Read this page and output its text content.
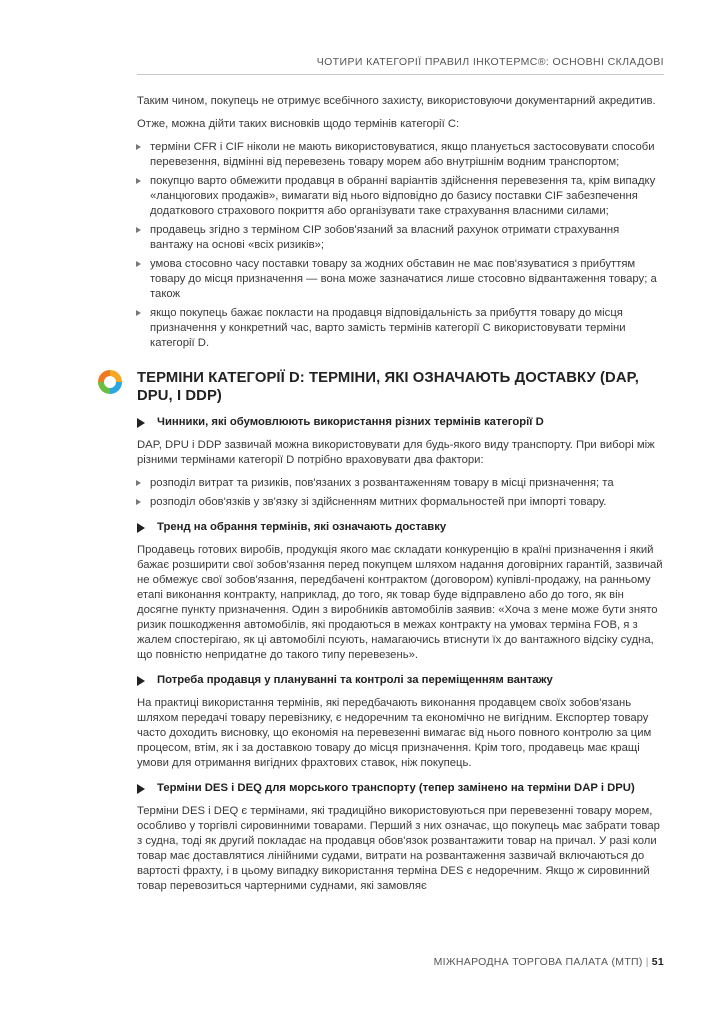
ЧОТИРИ КАТЕГОРІЇ ПРАВИЛ ІНКОТЕРМС®: ОСНОВНІ СКЛАДОВІ

Таким чином, покупець не отримує всебічного захисту, використовуючи документарний акредитив.

Отже, можна дійти таких висновків щодо термінів категорії C:

терміни CFR і CIF ніколи не мають використовуватися, якщо планується застосовувати способи перевезення, відмінні від перевезень товару морем або внутрішнім водним транспортом;
покупцю варто обмежити продавця в обранні варіантів здійснення перевезення та, крім випадку «ланцюгових продажів», вимагати від нього відповідно до базису поставки CIF забезпечення додаткового страхового покриття або організувати таке страхування власними силами;
продавець згідно з терміном CIP зобов'язаний за власний рахунок отримати страхування вантажу на основі «всіх ризиків»;
умова стосовно часу поставки товару за жодних обставин не має пов'язуватися з прибуттям товару до місця призначення — вона може зазначатися лише стосовно відвантаження товару; а також
якщо покупець бажає покласти на продавця відповідальність за прибуття товару до місця призначення у конкретний час, варто замість термінів категорії C використовувати терміни категорії D.
ТЕРМІНИ КАТЕГОРІЇ D: ТЕРМІНИ, ЯКІ ОЗНАЧАЮТЬ ДОСТАВКУ (DAP, DPU, І DDP)
Чинники, які обумовлюють використання різних термінів категорії D

DAP, DPU і DDP зазвичай можна використовувати для будь-якого виду транспорту. При виборі між різними термінами категорії D потрібно враховувати два фактори:

розподіл витрат та ризиків, пов'язаних з розвантаженням товару в місці призначення; та
розподіл обов'язків у зв'язку зі здійсненням митних формальностей при імпорті товару.
Тренд на обрання термінів, які означають доставку

Продавець готових виробів, продукція якого має складати конкуренцію в країні призначення і який бажає розширити свої зобов'язання перед покупцем шляхом надання договірних гарантій, зазвичай не обмежує свої зобов'язання, передбачені контрактом (договором) купівлі-продажу, на ранньому етапі виконання контракту, наприклад, до того, як товар буде відправлено або до того, як він досягне пункту призначення. Один з виробників автомобілів заявив: «Хоча з мене може бути знято ризик пошкодження автомобілів, які продаються в межах контракту на умовах терміна FOB, я з жалем спостерігаю, як ці автомобілі псують, намагаючись втиснути їх до вантажного відсіку судна, що повністю непридатне до такого типу перевезень».

Потреба продавця у плануванні та контролі за переміщенням вантажу

На практиці використання термінів, які передбачають виконання продавцем своїх зобов'язань шляхом передачі товару перевізнику, є недоречним та економічно не вигідним. Експортер товару часто доходить висновку, що економія на перевезенні вимагає від нього повного контролю за цим процесом, втім, як і за доставкою товару до місця призначення. Крім того, продавець має кращі умови для отримання вигідних фрахтових ставок, ніж покупець.

Терміни DES і DEQ для морського транспорту (тепер замінено на терміни DAP і DPU)

Терміни DES і DEQ є термінами, які традиційно використовуються при перевезенні товару морем, особливо у торгівлі сировинними товарами. Перший з них означає, що покупець має забрати товар з судна, тоді як другий покладає на продавця обов'язок розвантажити товар на причал. У разі коли товар має доставлятися лінійними судами, витрати на розвантаження зазвичай включаються до вартості фрахту, і в цьому випадку використання терміна DES є недоречним. Якщо ж сировинний товар перевозиться чартерними суднами, які замовляє

МІЖНАРОДНА ТОРГОВА ПАЛАТА (МТП) | 51
